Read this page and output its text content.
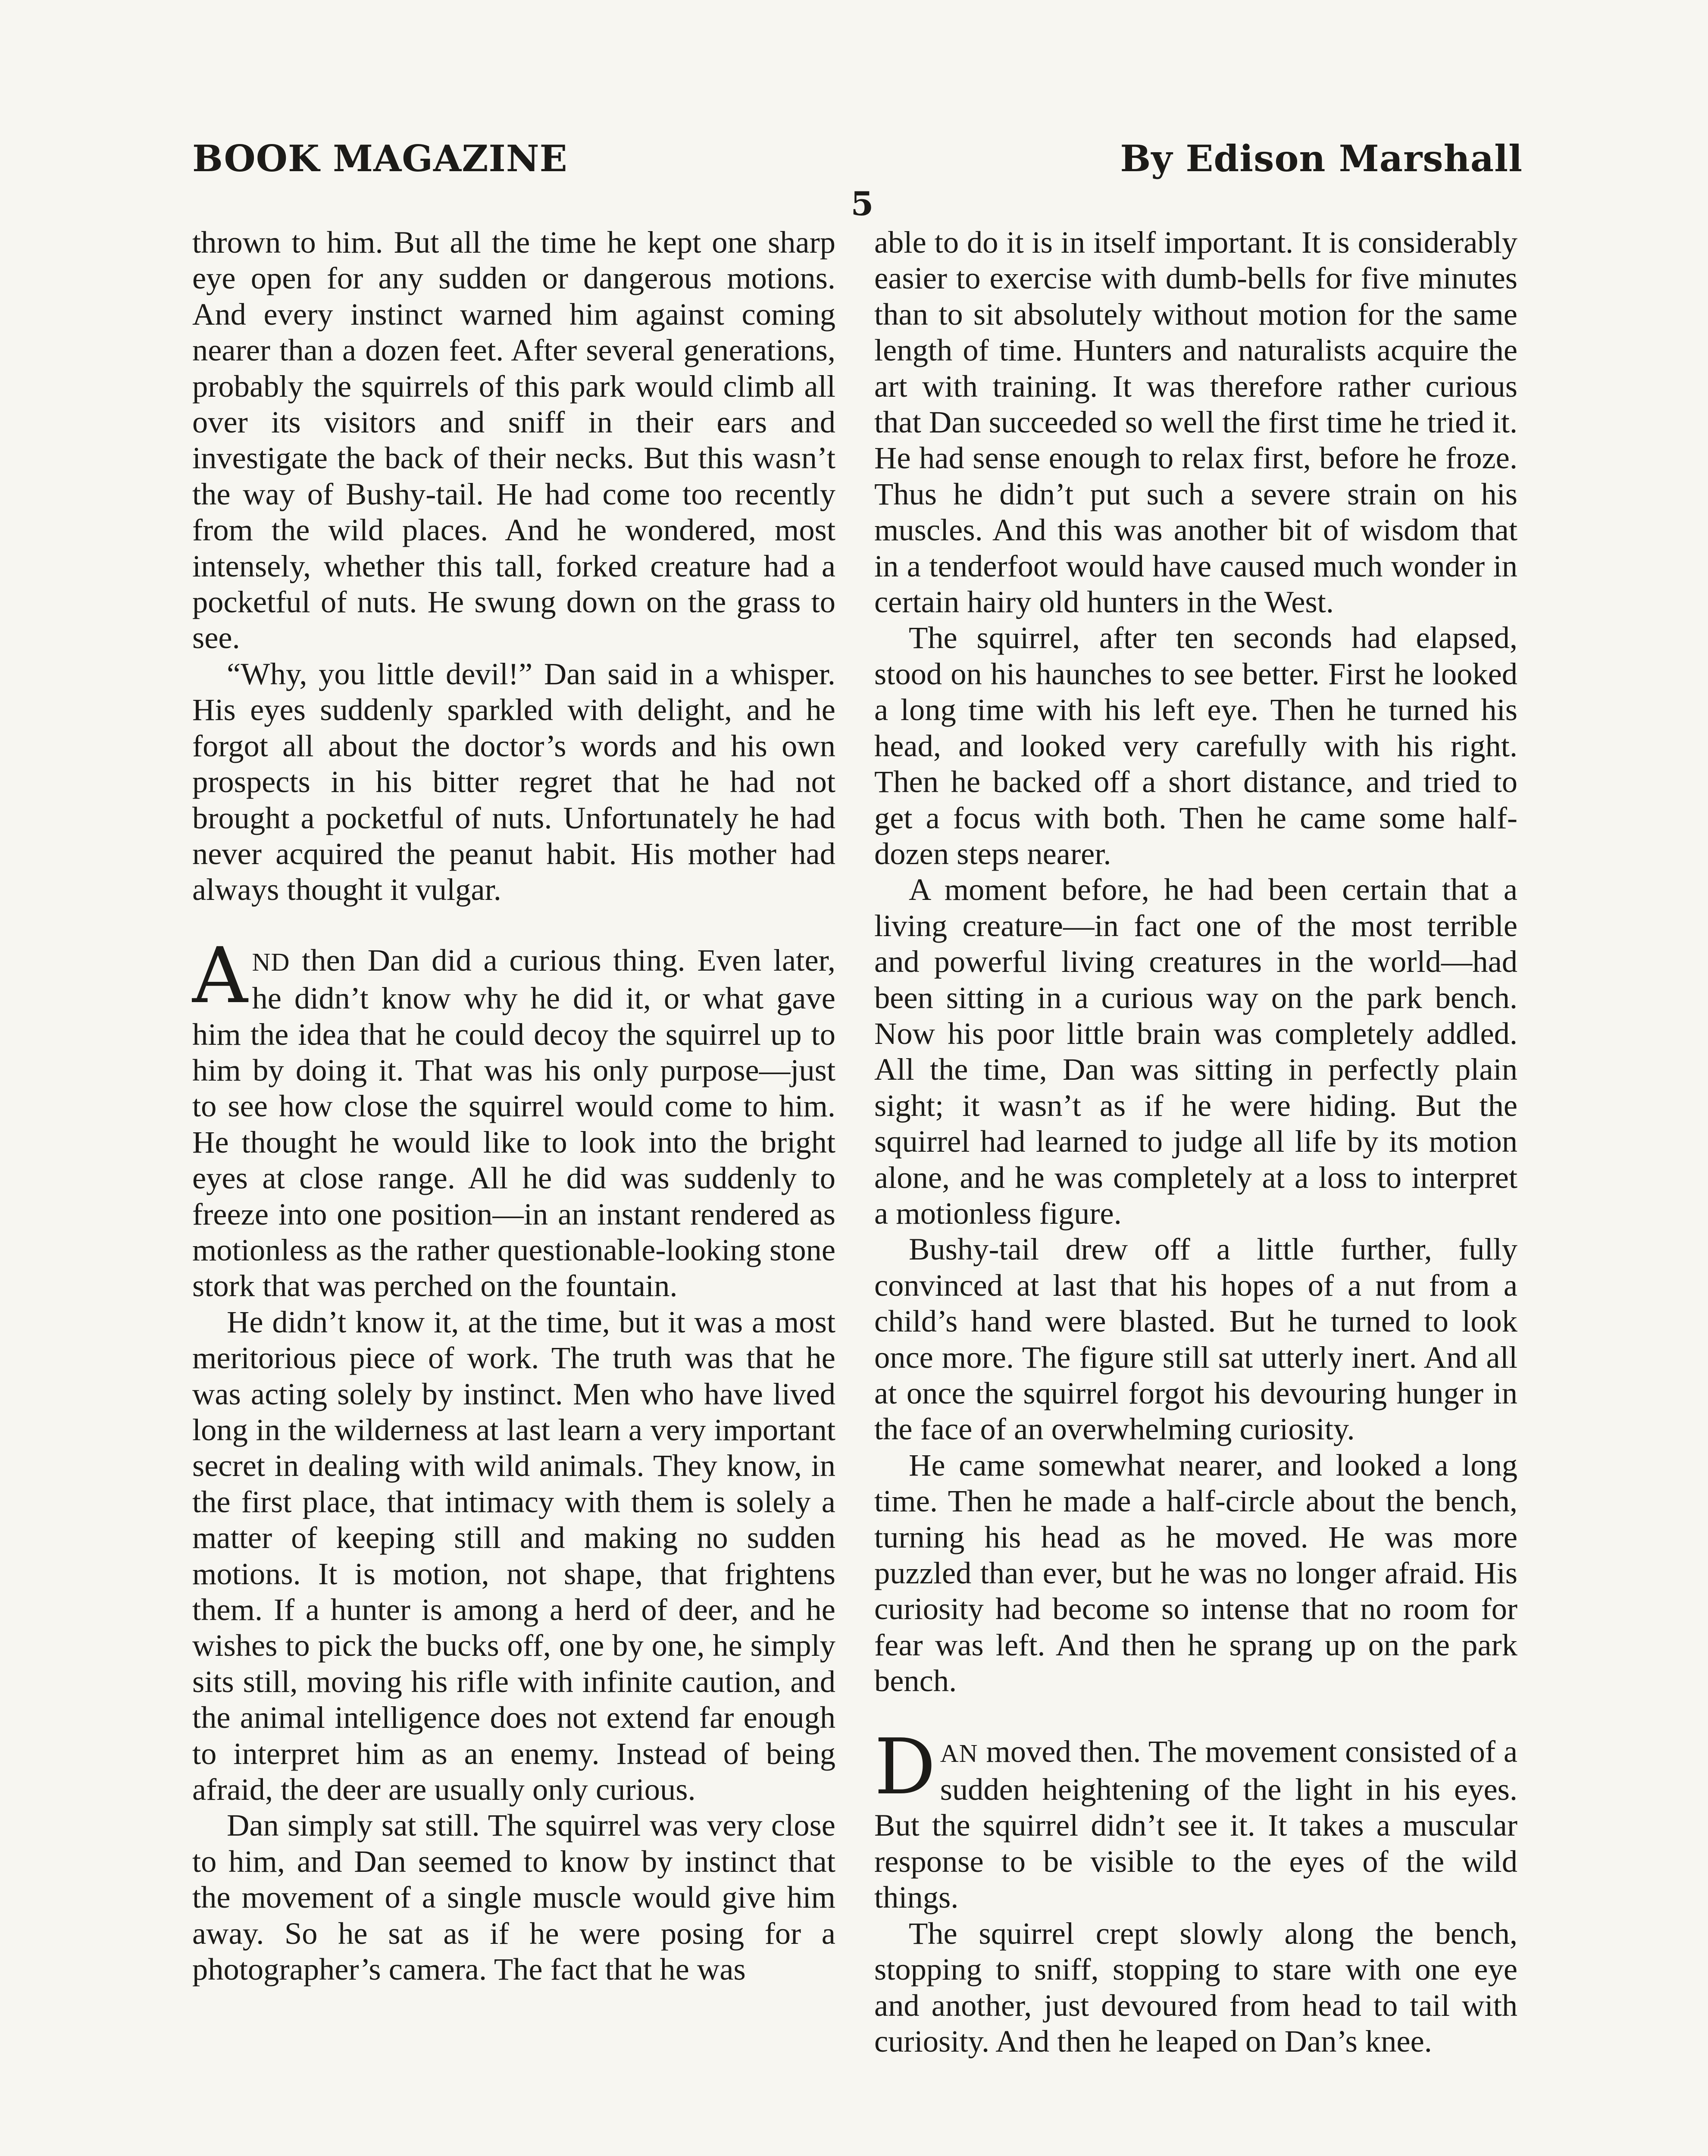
BOOK MAGAZINE	By Edison Marshall
5

thrown to him. But all the time he kept one sharp eye open for any sudden or dangerous motions. And every instinct warned him against coming nearer than a dozen feet. After several generations, probably the squirrels of this park would climb all over its visitors and sniff in their ears and investigate the back of their necks. But this wasn’t the way of Bushy-tail. He had come too recently from the wild places. And he wondered, most intensely, whether this tall, forked creature had a pocketful of nuts. He swung down on the grass to see.

“Why, you little devil!” Dan said in a whisper. His eyes suddenly sparkled with delight, and he forgot all about the doctor’s words and his own prospects in his bitter regret that he had not brought a pocketful of nuts. Unfortunately he had never acquired the peanut habit. His mother had always thought it vulgar.

AND then Dan did a curious thing. Even later, he didn’t know why he did it, or what gave him the idea that he could decoy the squirrel up to him by doing it. That was his only purpose—just to see how close the squirrel would come to him. He thought he would like to look into the bright eyes at close range. All he did was suddenly to freeze into one position—in an instant rendered as motionless as the rather questionable-looking stone stork that was perched on the fountain.

He didn’t know it, at the time, but it was a most meritorious piece of work. The truth was that he was acting solely by instinct. Men who have lived long in the wilderness at last learn a very important secret in dealing with wild animals. They know, in the first place, that intimacy with them is solely a matter of keeping still and making no sudden motions. It is motion, not shape, that frightens them. If a hunter is among a herd of deer, and he wishes to pick the bucks off, one by one, he simply sits still, moving his rifle with infinite caution, and the animal intelligence does not extend far enough to interpret him as an enemy. Instead of being afraid, the deer are usually only curious.

Dan simply sat still. The squirrel was very close to him, and Dan seemed to know by instinct that the movement of a single muscle would give him away. So he sat as if he were posing for a photographer’s camera. The fact that he was

able to do it is in itself important. It is considerably easier to exercise with dumb-bells for five minutes than to sit absolutely without motion for the same length of time. Hunters and naturalists acquire the art with training. It was therefore rather curious that Dan succeeded so well the first time he tried it. He had sense enough to relax first, before he froze. Thus he didn’t put such a severe strain on his muscles. And this was another bit of wisdom that in a tenderfoot would have caused much wonder in certain hairy old hunters in the West.

The squirrel, after ten seconds had elapsed, stood on his haunches to see better. First he looked a long time with his left eye. Then he turned his head, and looked very carefully with his right. Then he backed off a short distance, and tried to get a focus with both. Then he came some half-dozen steps nearer.

A moment before, he had been certain that a living creature—in fact one of the most terrible and powerful living creatures in the world—had been sitting in a curious way on the park bench. Now his poor little brain was completely addled. All the time, Dan was sitting in perfectly plain sight; it wasn’t as if he were hiding. But the squirrel had learned to judge all life by its motion alone, and he was completely at a loss to interpret a motionless figure.

Bushy-tail drew off a little further, fully convinced at last that his hopes of a nut from a child’s hand were blasted. But he turned to look once more. The figure still sat utterly inert. And all at once the squirrel forgot his devouring hunger in the face of an overwhelming curiosity.

He came somewhat nearer, and looked a long time. Then he made a half-circle about the bench, turning his head as he moved. He was more puzzled than ever, but he was no longer afraid. His curiosity had become so intense that no room for fear was left. And then he sprang up on the park bench.

DAN moved then. The movement consisted of a sudden heightening of the light in his eyes. But the squirrel didn’t see it. It takes a muscular response to be visible to the eyes of the wild things.

The squirrel crept slowly along the bench, stopping to sniff, stopping to stare with one eye and another, just devoured from head to tail with curiosity. And then he leaped on Dan’s knee.
